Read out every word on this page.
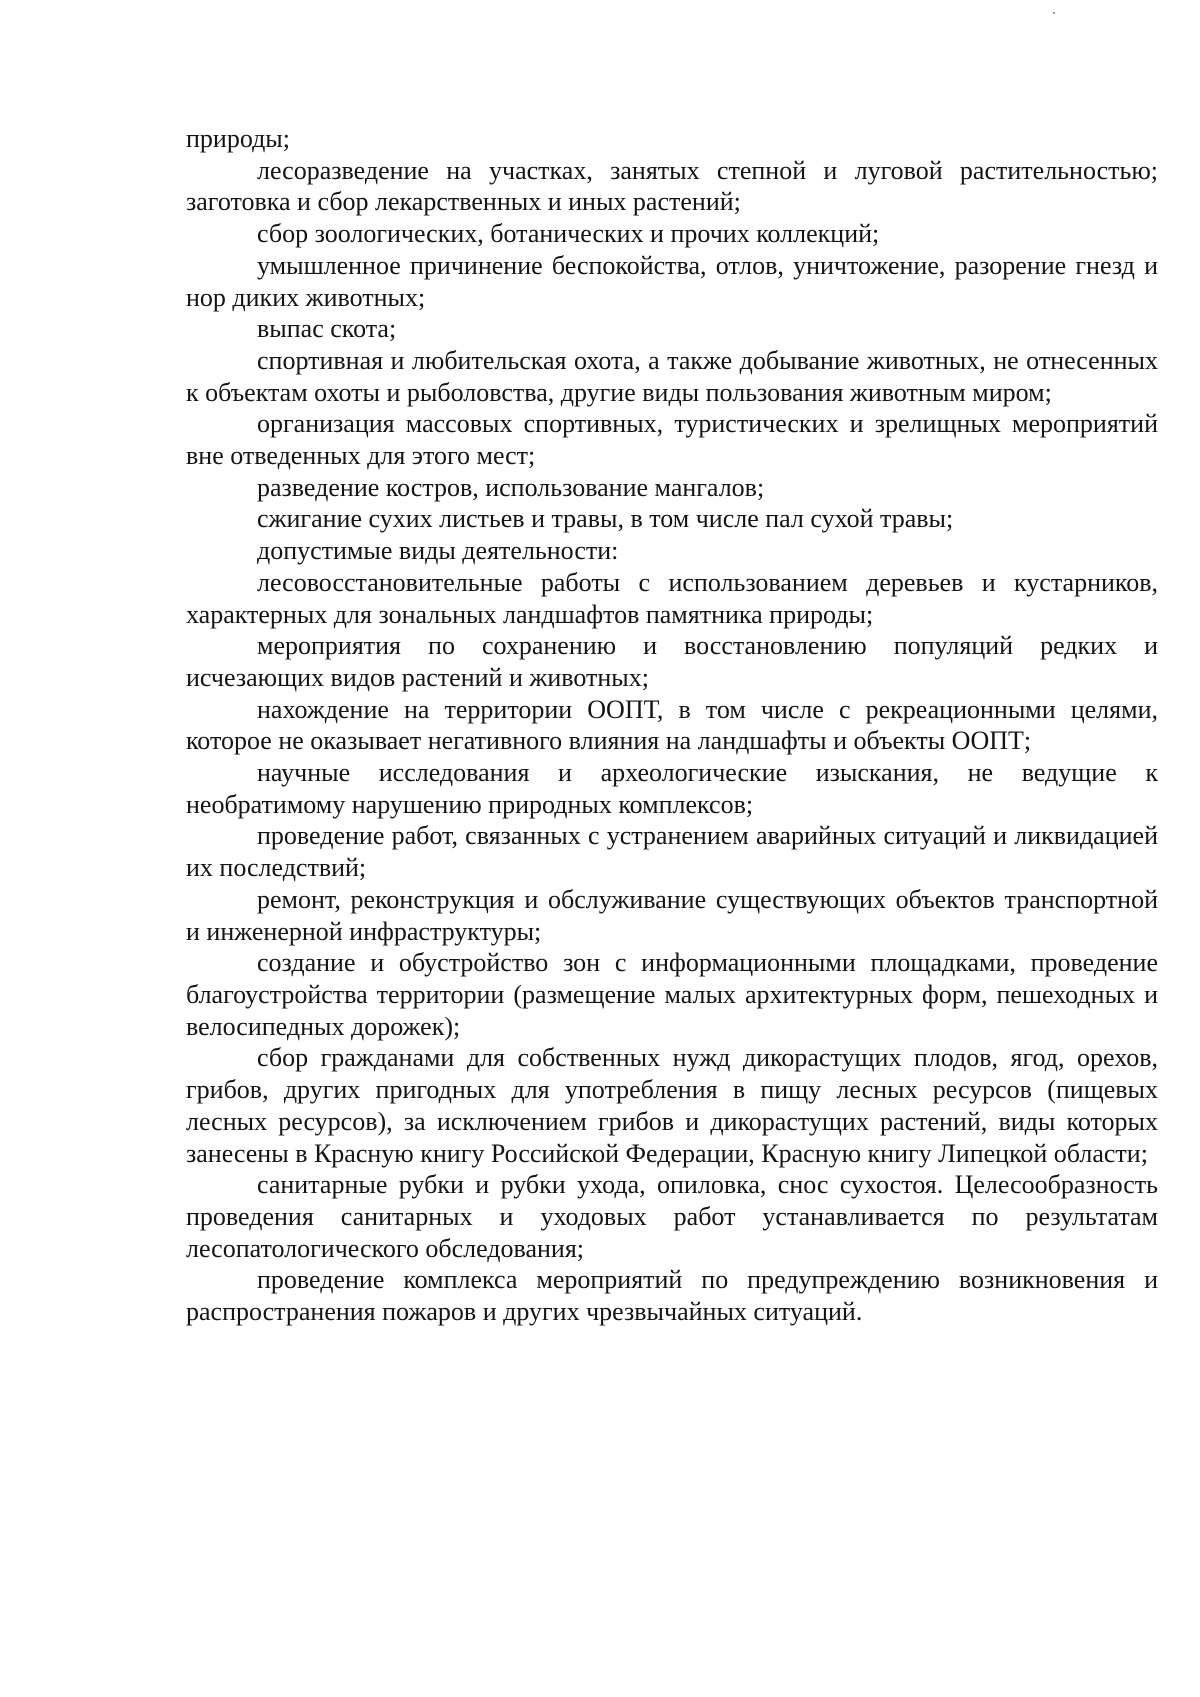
природы;

лесоразведение на участках, занятых степной и луговой растительностью; заготовка и сбор лекарственных и иных растений;

сбор зоологических, ботанических и прочих коллекций;

умышленное причинение беспокойства, отлов, уничтожение, разорение гнезд и нор диких животных;

выпас скота;

спортивная и любительская охота, а также добывание животных, не отнесенных к объектам охоты и рыболовства, другие виды пользования животным миром;

организация массовых спортивных, туристических и зрелищных мероприятий вне отведенных для этого мест;

разведение костров, использование мангалов;

сжигание сухих листьев и травы, в том числе пал сухой травы;

допустимые виды деятельности:

лесовосстановительные работы с использованием деревьев и кустарников, характерных для зональных ландшафтов памятника природы;

мероприятия по сохранению и восстановлению популяций редких и исчезающих видов растений и животных;

нахождение на территории ООПТ, в том числе с рекреационными целями, которое не оказывает негативного влияния на ландшафты и объекты ООПТ;

научные исследования и археологические изыскания, не ведущие к необратимому нарушению природных комплексов;

проведение работ, связанных с устранением аварийных ситуаций и ликвидацией их последствий;

ремонт, реконструкция и обслуживание существующих объектов транспортной и инженерной инфраструктуры;

создание и обустройство зон с информационными площадками, проведение благоустройства территории (размещение малых архитектурных форм, пешеходных и велосипедных дорожек);

сбор гражданами для собственных нужд дикорастущих плодов, ягод, орехов, грибов, других пригодных для употребления в пищу лесных ресурсов (пищевых лесных ресурсов), за исключением грибов и дикорастущих растений, виды которых занесены в Красную книгу Российской Федерации, Красную книгу Липецкой области;

санитарные рубки и рубки ухода, опиловка, снос сухостоя. Целесообразность проведения санитарных и уходовых работ устанавливается по результатам лесопатологического обследования;

проведение комплекса мероприятий по предупреждению возникновения и распространения пожаров и других чрезвычайных ситуаций.
